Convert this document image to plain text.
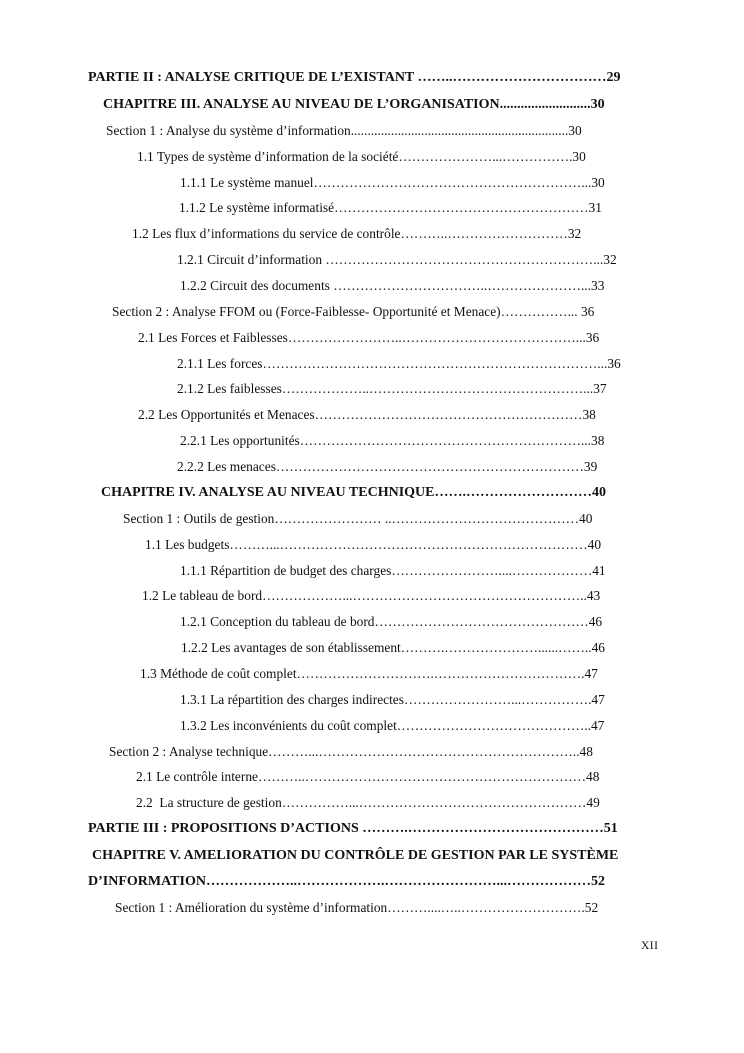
PARTIE II : ANALYSE CRITIQUE DE L’EXISTANT ……..……………………………29
CHAPITRE III. ANALYSE AU NIVEAU DE L’ORGANISATION..........................30
Section 1 : Analyse du système d’information.................................................................30
1.1 Types de système d’information de la société…………………...…………….30
1.1.1 Le système manuel……………………………………………………...30
1.1.2 Le système informatisé…………………………………………………31
1.2 Les flux d’informations du service de contrôle………..………………………32
1.2.1 Circuit d’information ……………………………………………………...32
1.2.2 Circuit des documents ……………………………..…………………...33
Section 2 : Analyse FFOM ou (Force-Faiblesse- Opportunité et Menace)……………... 36
2.1 Les Forces et Faiblesses……………………..…………………………………...36
2.1.1 Les forces…………………………………………………………………...36
2.1.2 Les faiblesses………………..…………………………………………...37
2.2 Les Opportunités et Menaces……………………………………………………38
2.2.1 Les opportunités………………………………………………………...38
2.2.2 Les menaces……………………………………………………………39
CHAPITRE IV. ANALYSE AU NIVEAU TECHNIQUE…….………………………40
Section 1 : Outils de gestion…………………… ..……………………………………40
1.1 Les budgets………...……………………………………………………………40
1.1.1 Répartition de budget des charges……………………....………………41
1.2 Le tableau de bord………………...……………………………………………..43
1.2.1 Conception du tableau de bord…………………………………………46
1.2.2 Les avantages de son établissement……….…………………......……..46
1.3 Méthode de coût complet………………………….…………………………….47
1.3.1 La répartition des charges indirectes……………………...…………….47
1.3.2 Les inconvénients du coût complet……………………………………..47
Section 2 : Analyse technique………...…………………………………………………..48
2.1 Le contrôle interne………..………………………………………………………48
2.2  La structure de gestion……………...……………………………………………49
PARTIE III : PROPOSITIONS D’ACTIONS ……….……………………………………51
CHAPITRE V. AMELIORATION DU CONTRÔLE DE GESTION PAR LE SYSTÈME
D’INFORMATION………………..……………….……………………...………………52
Section 1 : Amélioration du système d’information………....…..……………………….52
XII
